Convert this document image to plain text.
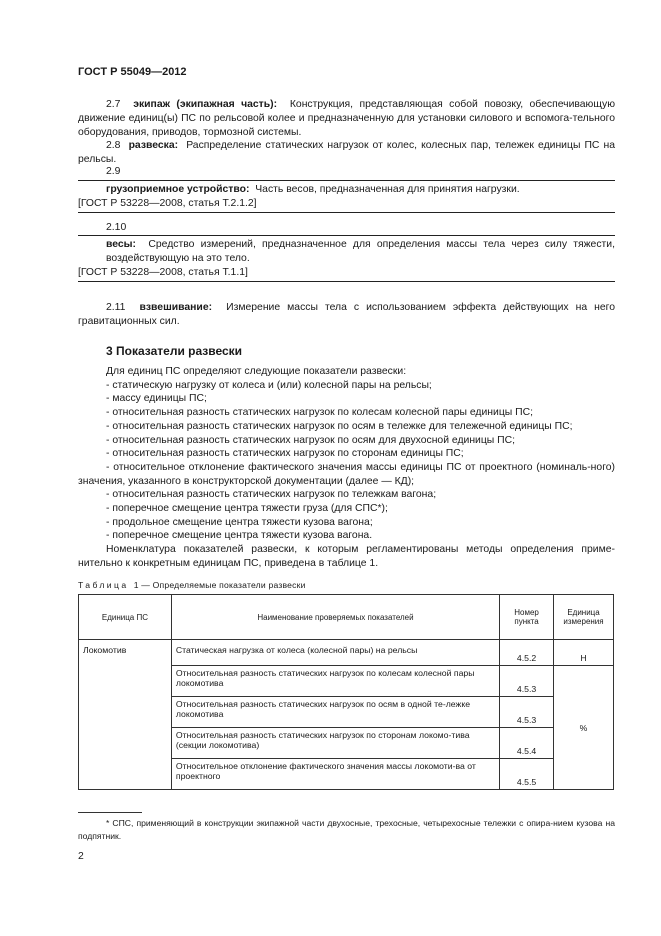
ГОСТ Р 55049—2012
2.7 экипаж (экипажная часть): Конструкция, представляющая собой повозку, обеспечивающую движение единиц(ы) ПС по рельсовой колее и предназначенную для установки силового и вспомога-тельного оборудования, приводов, тормозной системы.
2.8 развеска: Распределение статических нагрузок от колес, колесных пар, тележек единицы ПС на рельсы.
2.9
грузоприемное устройство: Часть весов, предназначенная для принятия нагрузки.
[ГОСТ Р 53228—2008, статья Т.2.1.2]
2.10
весы: Средство измерений, предназначенное для определения массы тела через силу тяжести, воздействующую на это тело.
[ГОСТ Р 53228—2008, статья Т.1.1]
2.11 взвешивание: Измерение массы тела с использованием эффекта действующих на него гравитационных сил.
3 Показатели развески
Для единиц ПС определяют следующие показатели развески:
- статическую нагрузку от колеса и (или) колесной пары на рельсы;
- массу единицы ПС;
- относительная разность статических нагрузок по колесам колесной пары единицы ПС;
- относительная разность статических нагрузок по осям в тележке для тележечной единицы ПС;
- относительная разность статических нагрузок по осям для двухосной единицы ПС;
- относительная разность статических нагрузок по сторонам единицы ПС;
- относительное отклонение фактического значения массы единицы ПС от проектного (номиналь-ного) значения, указанного в конструкторской документации (далее — КД);
- относительная разность статических нагрузок по тележкам вагона;
- поперечное смещение центра тяжести груза (для СПС*);
- продольное смещение центра тяжести кузова вагона;
- поперечное смещение центра тяжести кузова вагона.
Номенклатура показателей развески, к которым регламентированы методы определения приме-нительно к конкретным единицам ПС, приведена в таблице 1.
Таблица 1 — Определяемые показатели развески
Единица ПС	Наименование проверяемых показателей	Номер пункта	Единица измерения
Локомотив	Статическая нагрузка от колеса (колесной пары) на рельсы	4.5.2	Н
	Относительная разность статических нагрузок по колесам колесной пары локомотива	4.5.3	%
	Относительная разность статических нагрузок по осям в одной те-лежке локомотива	4.5.3	
	Относительная разность статических нагрузок по сторонам локомо-тива (секции локомотива)	4.5.4	
	Относительное отклонение фактического значения массы локомоти-ва от проектного	4.5.5	
* СПС, применяющий в конструкции экипажной части двухосные, трехосные, четырехосные тележки с опира-нием кузова на подпятник.
2
